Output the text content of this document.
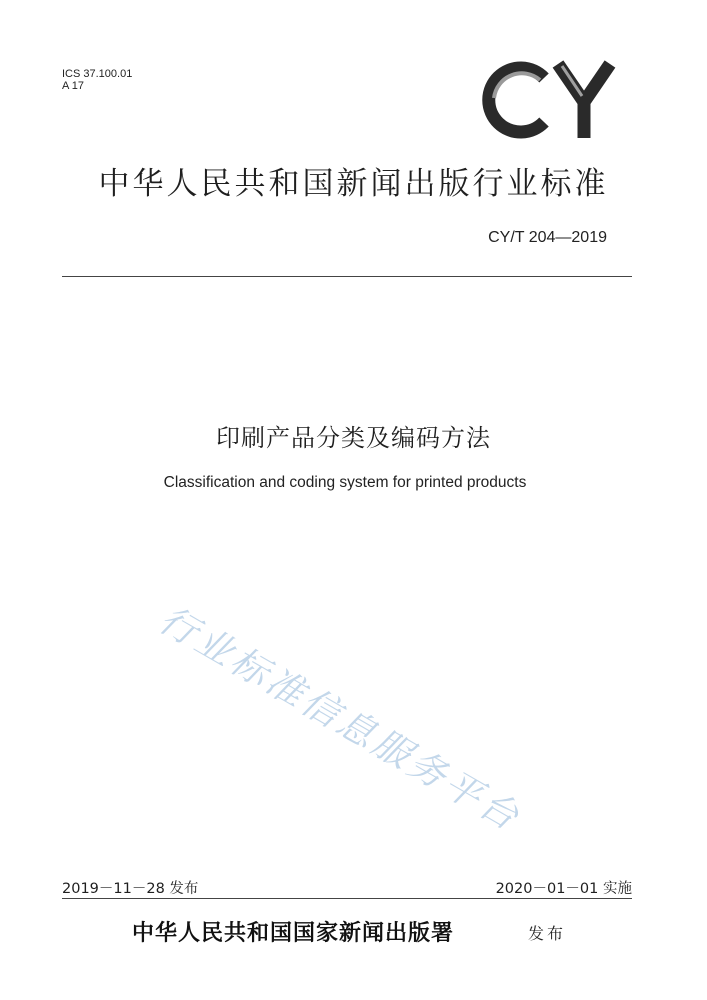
ICS 37.100.01
A 17
中华人民共和国新闻出版行业标准
CY/T 204—2019
印刷产品分类及编码方法
Classification and coding system for printed products
行业标准信息服务平台
2019－11－28 发布	2020－01－01 实施
中华人民共和国国家新闻出版署	发布
